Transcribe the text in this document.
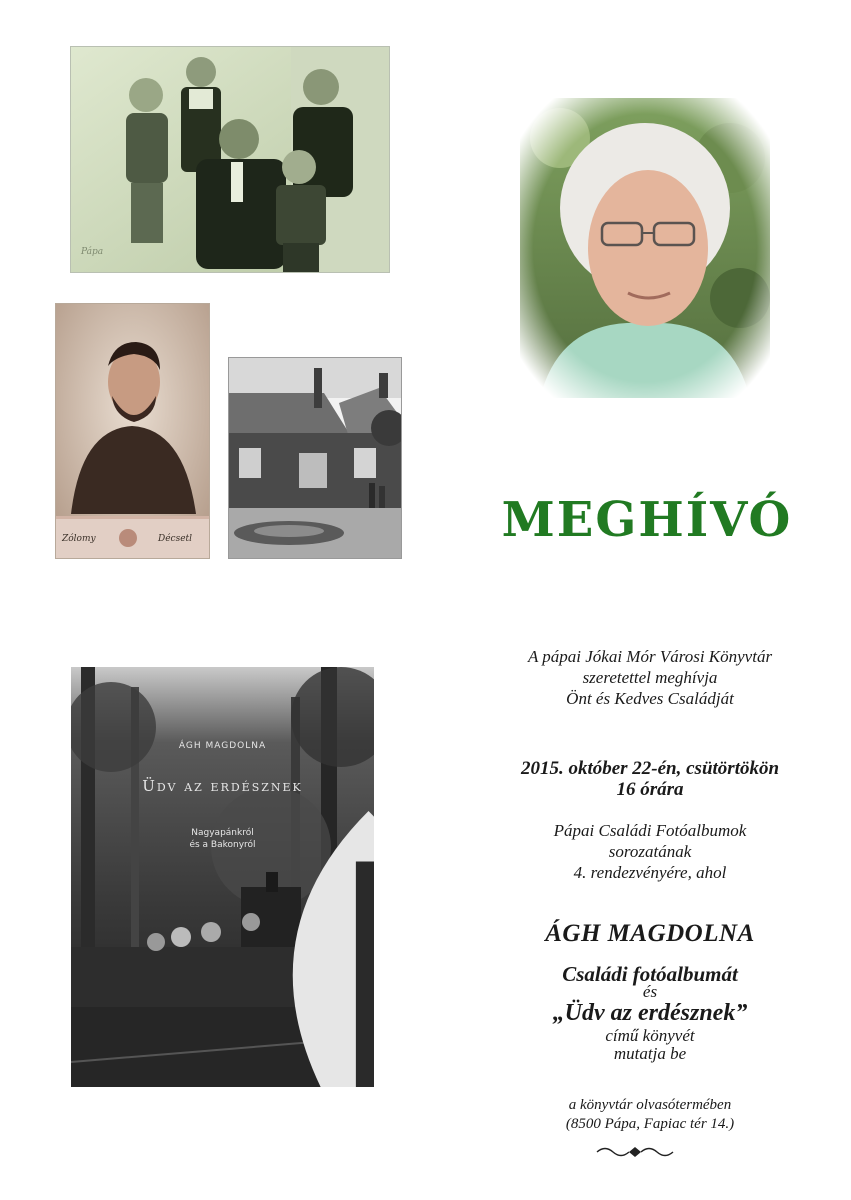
Pápa
Zólomy	Décsetl	MEGHÍVÓ
ÁGH MAGDOLNA
Üdv az erdésznek
Nagyapánkról
és a Bakonyról
A pápai Jókai Mór Városi Könyvtár
szeretettel meghívja
Önt és Kedves Családját
2015. október 22-én, csütörtökön
16 órára
Pápai Családi Fotóalbumok
sorozatának
4. rendezvényére, ahol
ÁGH MAGDOLNA
Családi fotóalbumát
és
„Üdv az erdésznek”
című könyvét
mutatja be
a könyvtár olvasótermében
(8500 Pápa, Fapiac tér 14.)
